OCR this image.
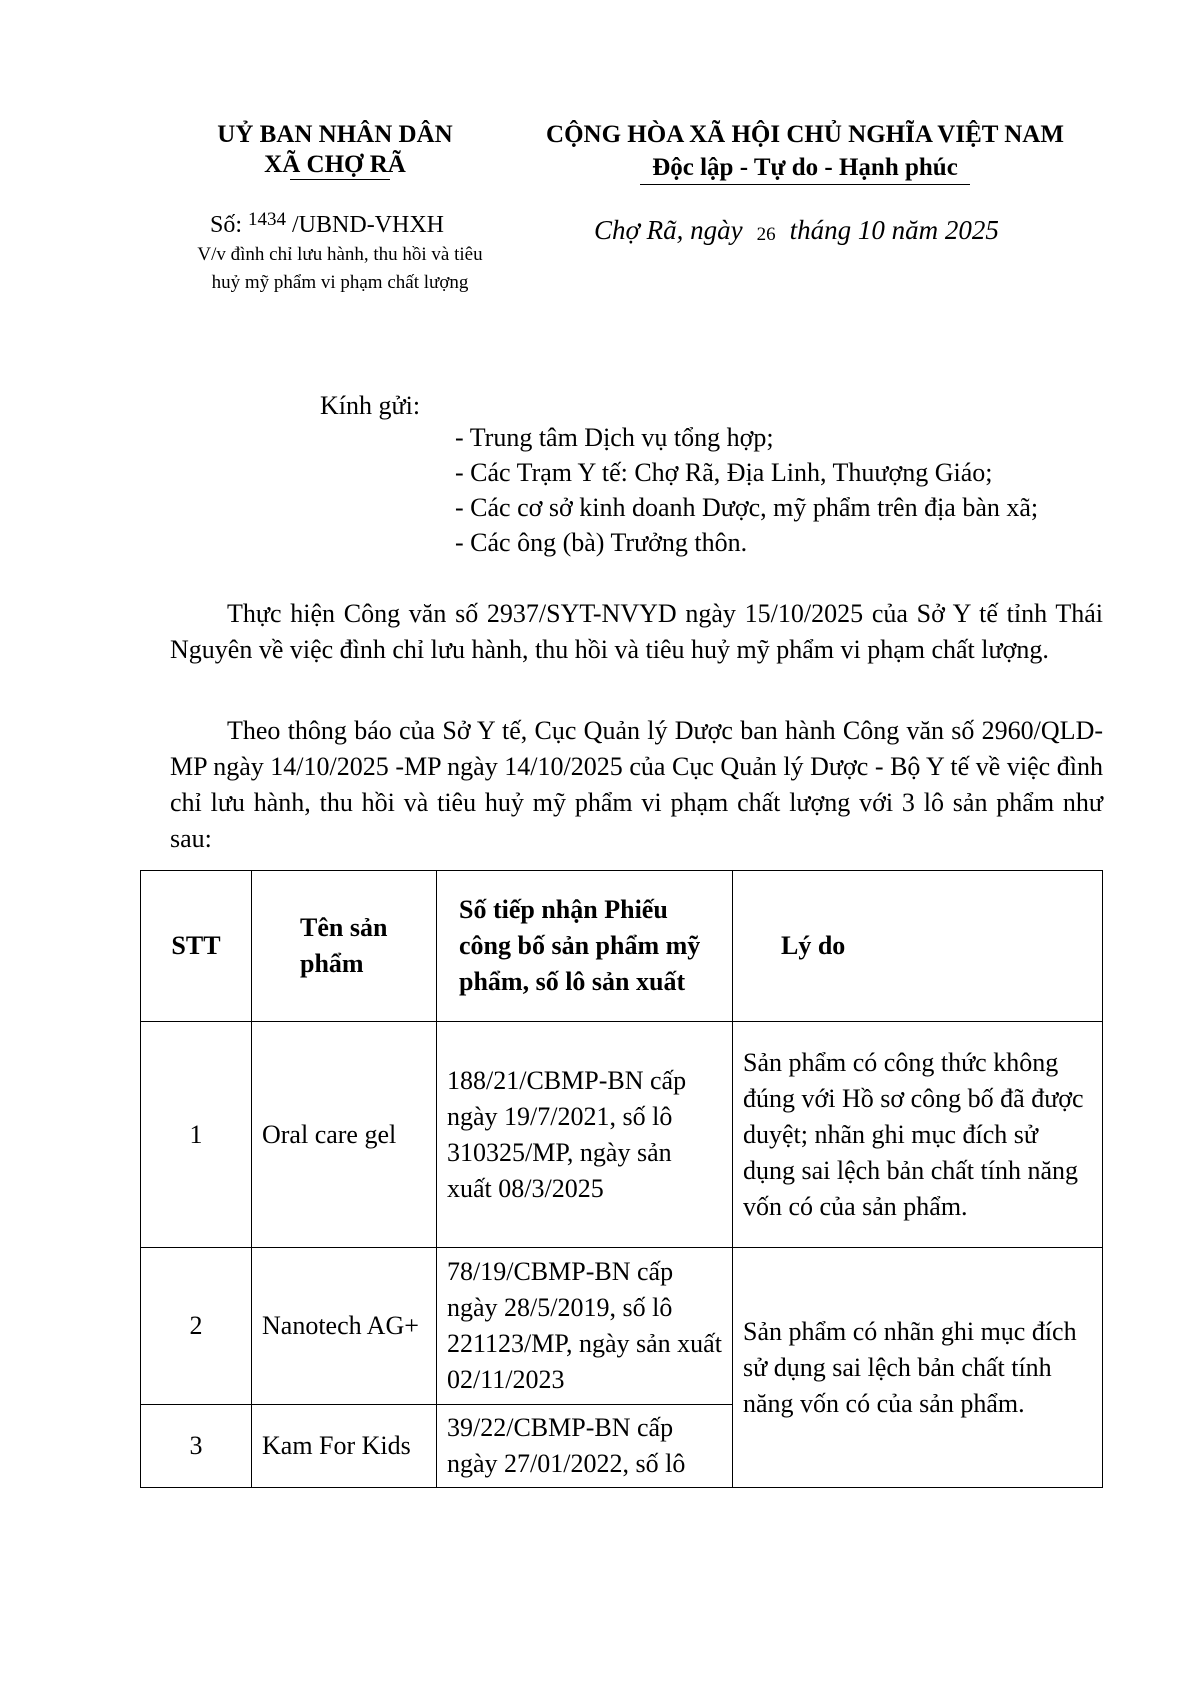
UỶ BAN NHÂN DÂN
XÃ CHỢ RÃ
Số: $^{1434}$ /UBND-VHXH
V/v đình chỉ lưu hành, thu hồi và tiêu
huỷ mỹ phẩm vi phạm chất lượng
CỘNG HÒA XÃ HỘI CHỦ NGHĨA VIỆT NAM
Độc lập - Tự do - Hạnh phúc
Chợ Rã, ngày 26 tháng 10 năm 2025
Kính gửi:
- Trung tâm Dịch vụ tổng hợp;
- Các Trạm Y tế: Chợ Rã, Địa Linh, Thuượng Giáo;
- Các cơ sở kinh doanh Dược, mỹ phẩm trên địa bàn xã;
- Các ông (bà) Trưởng thôn.

Thực hiện Công văn số 2937/SYT-NVYD ngày 15/10/2025 của Sở Y tế tỉnh Thái Nguyên về việc đình chỉ lưu hành, thu hồi và tiêu huỷ mỹ phẩm vi phạm chất lượng.

Theo thông báo của Sở Y tế, Cục Quản lý Dược ban hành Công văn số 2960/QLD-MP ngày 14/10/2025 -MP ngày 14/10/2025 của Cục Quản lý Dược - Bộ Y tế về việc đình chỉ lưu hành, thu hồi và tiêu huỷ mỹ phẩm vi phạm chất lượng với 3 lô sản phẩm như sau:

STT	Tên sản phẩm	Số tiếp nhận Phiếu công bố sản phẩm mỹ phẩm, số lô sản xuất	Lý do
1	Oral care gel	188/21/CBMP-BN cấp ngày 19/7/2021, số lô 310325/MP, ngày sản xuất 08/3/2025	Sản phẩm có công thức không đúng với Hồ sơ công bố đã được duyệt; nhãn ghi mục đích sử dụng sai lệch bản chất tính năng vốn có của sản phẩm.
2	Nanotech AG+	78/19/CBMP-BN cấp ngày 28/5/2019, số lô 221123/MP, ngày sản xuất 02/11/2023	Sản phẩm có nhãn ghi mục đích sử dụng sai lệch bản chất tính năng vốn có của sản phẩm.
3	Kam For Kids	39/22/CBMP-BN cấp ngày 27/01/2022, số lô	
